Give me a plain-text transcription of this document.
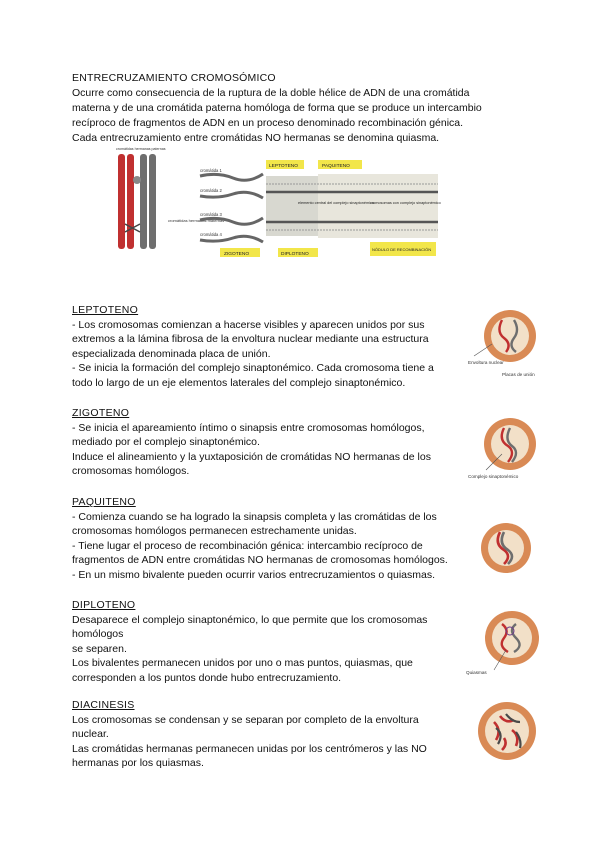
ENTRECRUZAMIENTO CROMOSÓMICO

Ocurre como consecuencia de la ruptura de la doble hélice de ADN de una cromátida

materna y de una cromátida paterna homóloga de forma que se produce un intercambio

recíproco de fragmentos de ADN en un proceso denominado recombinación génica.

Cada entrecruzamiento entre cromátidas NO hermanas se denomina quiasma.

cromátidas hermanas paternas
cromátidas hermanas maternas
cromátida 1
cromátida 2
cromátida 3
cromátida 4
LEPTOTENO	PAQUITENO
ZIGOTENO	DIPLOTENO
NÓDULO DE RECOMBINACIÓN
elemento central del complejo sinaptonémico
cromosomas con complejo sinaptonémico
LEPTOTENO

- Los cromosomas comienzan a hacerse visibles y aparecen unidos por sus

extremos a la lámina fibrosa de la envoltura nuclear mediante una estructura

especializada denominada placa de unión.

- Se inicia la formación del complejo sinaptonémico. Cada cromosoma tiene a

todo lo largo de un eje elementos laterales del complejo sinaptonémico.

Envoltura nuclear
Placas de unión
ZIGOTENO

- Se inicia el apareamiento íntimo o sinapsis entre cromosomas homólogos,

mediado por el complejo sinaptonémico.

Induce el alineamiento y la yuxtaposición de cromátidas NO hermanas de los

cromosomas homólogos.	Complejo sinaptonémico
PAQUITENO

- Comienza cuando se ha logrado la sinapsis completa y las cromátidas de los

cromosomas homólogos permanecen estrechamente unidas.

- Tiene lugar el proceso de recombinación génica: intercambio recíproco de

fragmentos de ADN entre cromátidas NO hermanas de cromosomas homólogos.

- En un mismo bivalente pueden ocurrir varios entrecruzamientos o quiasmas.

DIPLOTENO

Desaparece el complejo sinaptonémico, lo que permite que los cromosomas

homólogos

se separen.

Los bivalentes permanecen unidos por uno o mas puntos, quiasmas, que

corresponden a los puntos donde hubo entrecruzamiento.	Quiasmas
DIACINESIS

Los cromosomas se condensan y se separan por completo de la envoltura

nuclear.

Las cromátidas hermanas permanecen unidas por los centrómeros y las NO

hermanas por los quiasmas.
